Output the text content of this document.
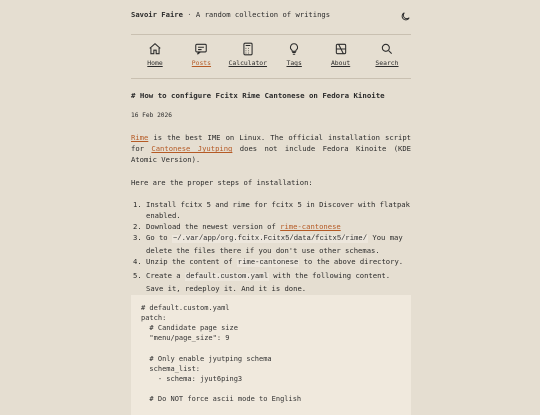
Savoir Faire · A random collection of writings
Home	Posts	Calculator	Tags	About	Search
# How to configure Fcitx Rime Cantonese on Fedora Kinoite
16 Feb 2026

Rime is the best IME on Linux. The official installation script for Cantonese Jyutping does not include Fedora Kinoite (KDE Atomic Version).

Here are the proper steps of installation:

1. Install fcitx 5 and rime for fcitx 5 in Discover with flatpak enabled.
2. Download the newest version of rime-cantonese
3. Go to ~/.var/app/org.fcitx.Fcitx5/data/fcitx5/rime/ You may delete the files there if you don't use other schemas.
4. Unzip the content of rime-cantonese to the above directory.
5. Create a default.custom.yaml with the following content. Save it, redeploy it. And it is done.
# default.custom.yaml
patch:
# Candidate page size
"menu/page_size": 9

# Only enable jyutping schema
schema_list:
- schema: jyut6ping3

# Do NOT force ascii mode to English
